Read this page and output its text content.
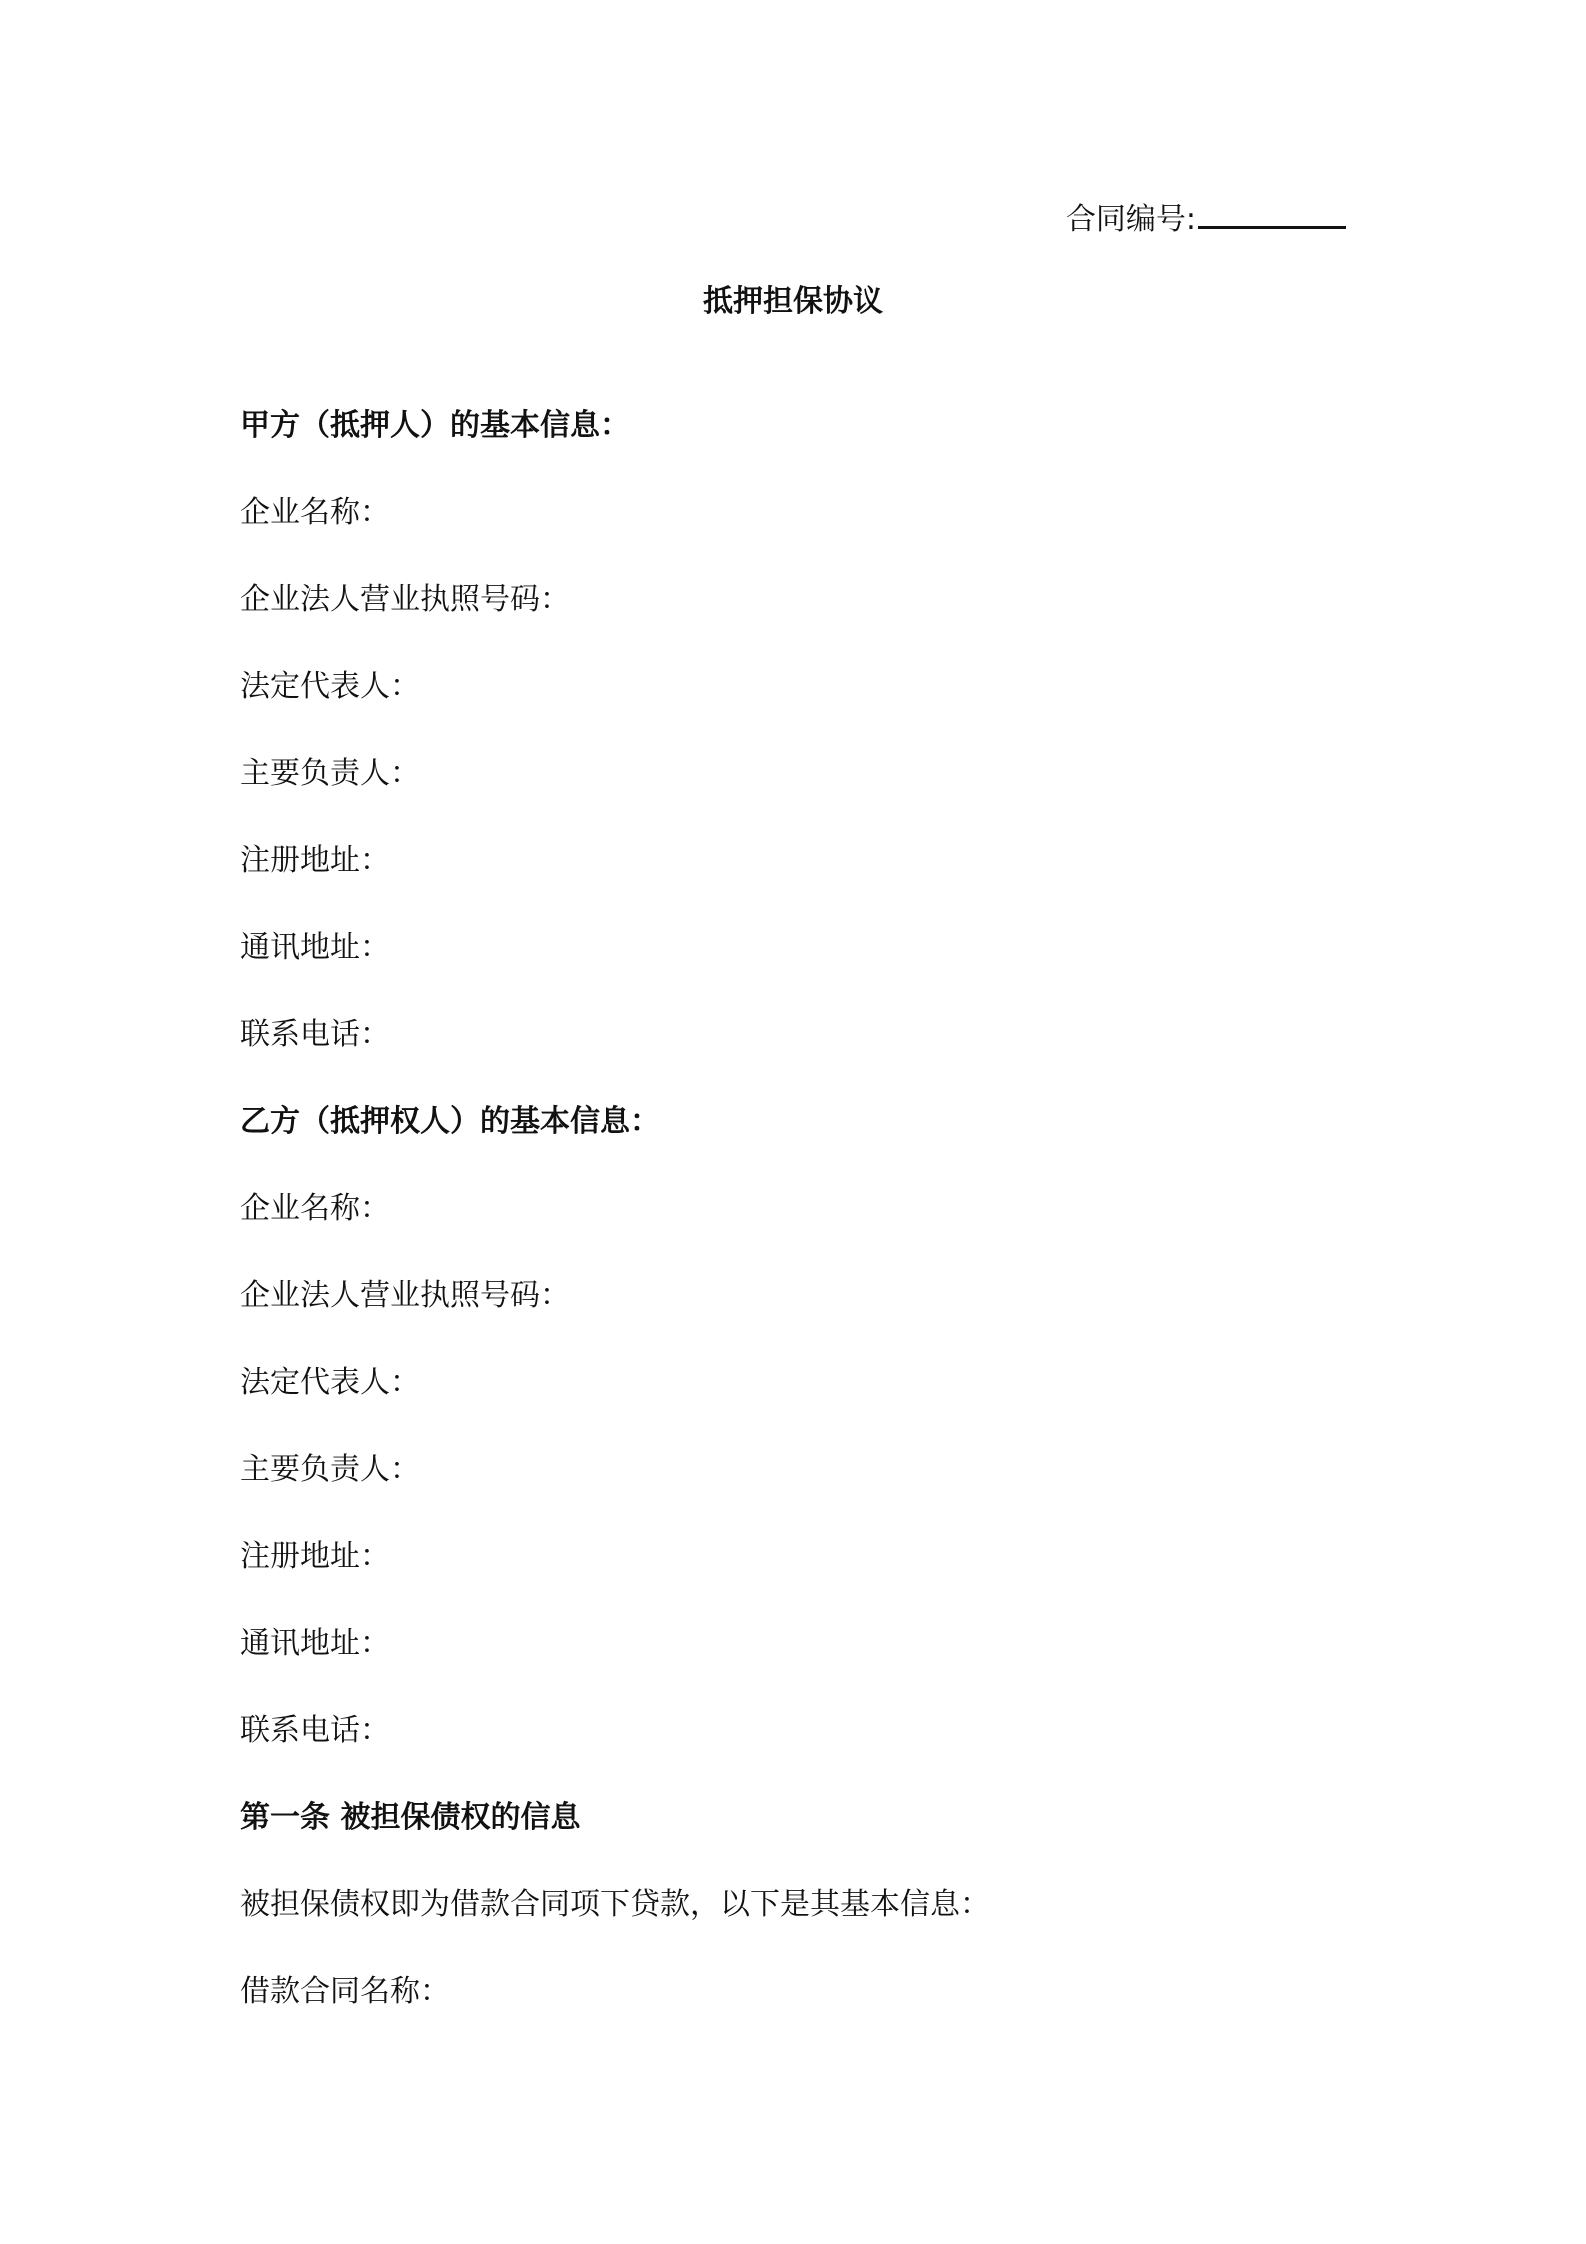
合同编号:
抵押担保协议
甲方（抵押人）的基本信息：
企业名称：
企业法人营业执照号码：
法定代表人：
主要负责人：
注册地址：
通讯地址：
联系电话：
乙方（抵押权人）的基本信息：
企业名称：
企业法人营业执照号码：
法定代表人：
主要负责人：
注册地址：
通讯地址：
联系电话：
第一条 被担保债权的信息
被担保债权即为借款合同项下贷款，以下是其基本信息：
借款合同名称：
